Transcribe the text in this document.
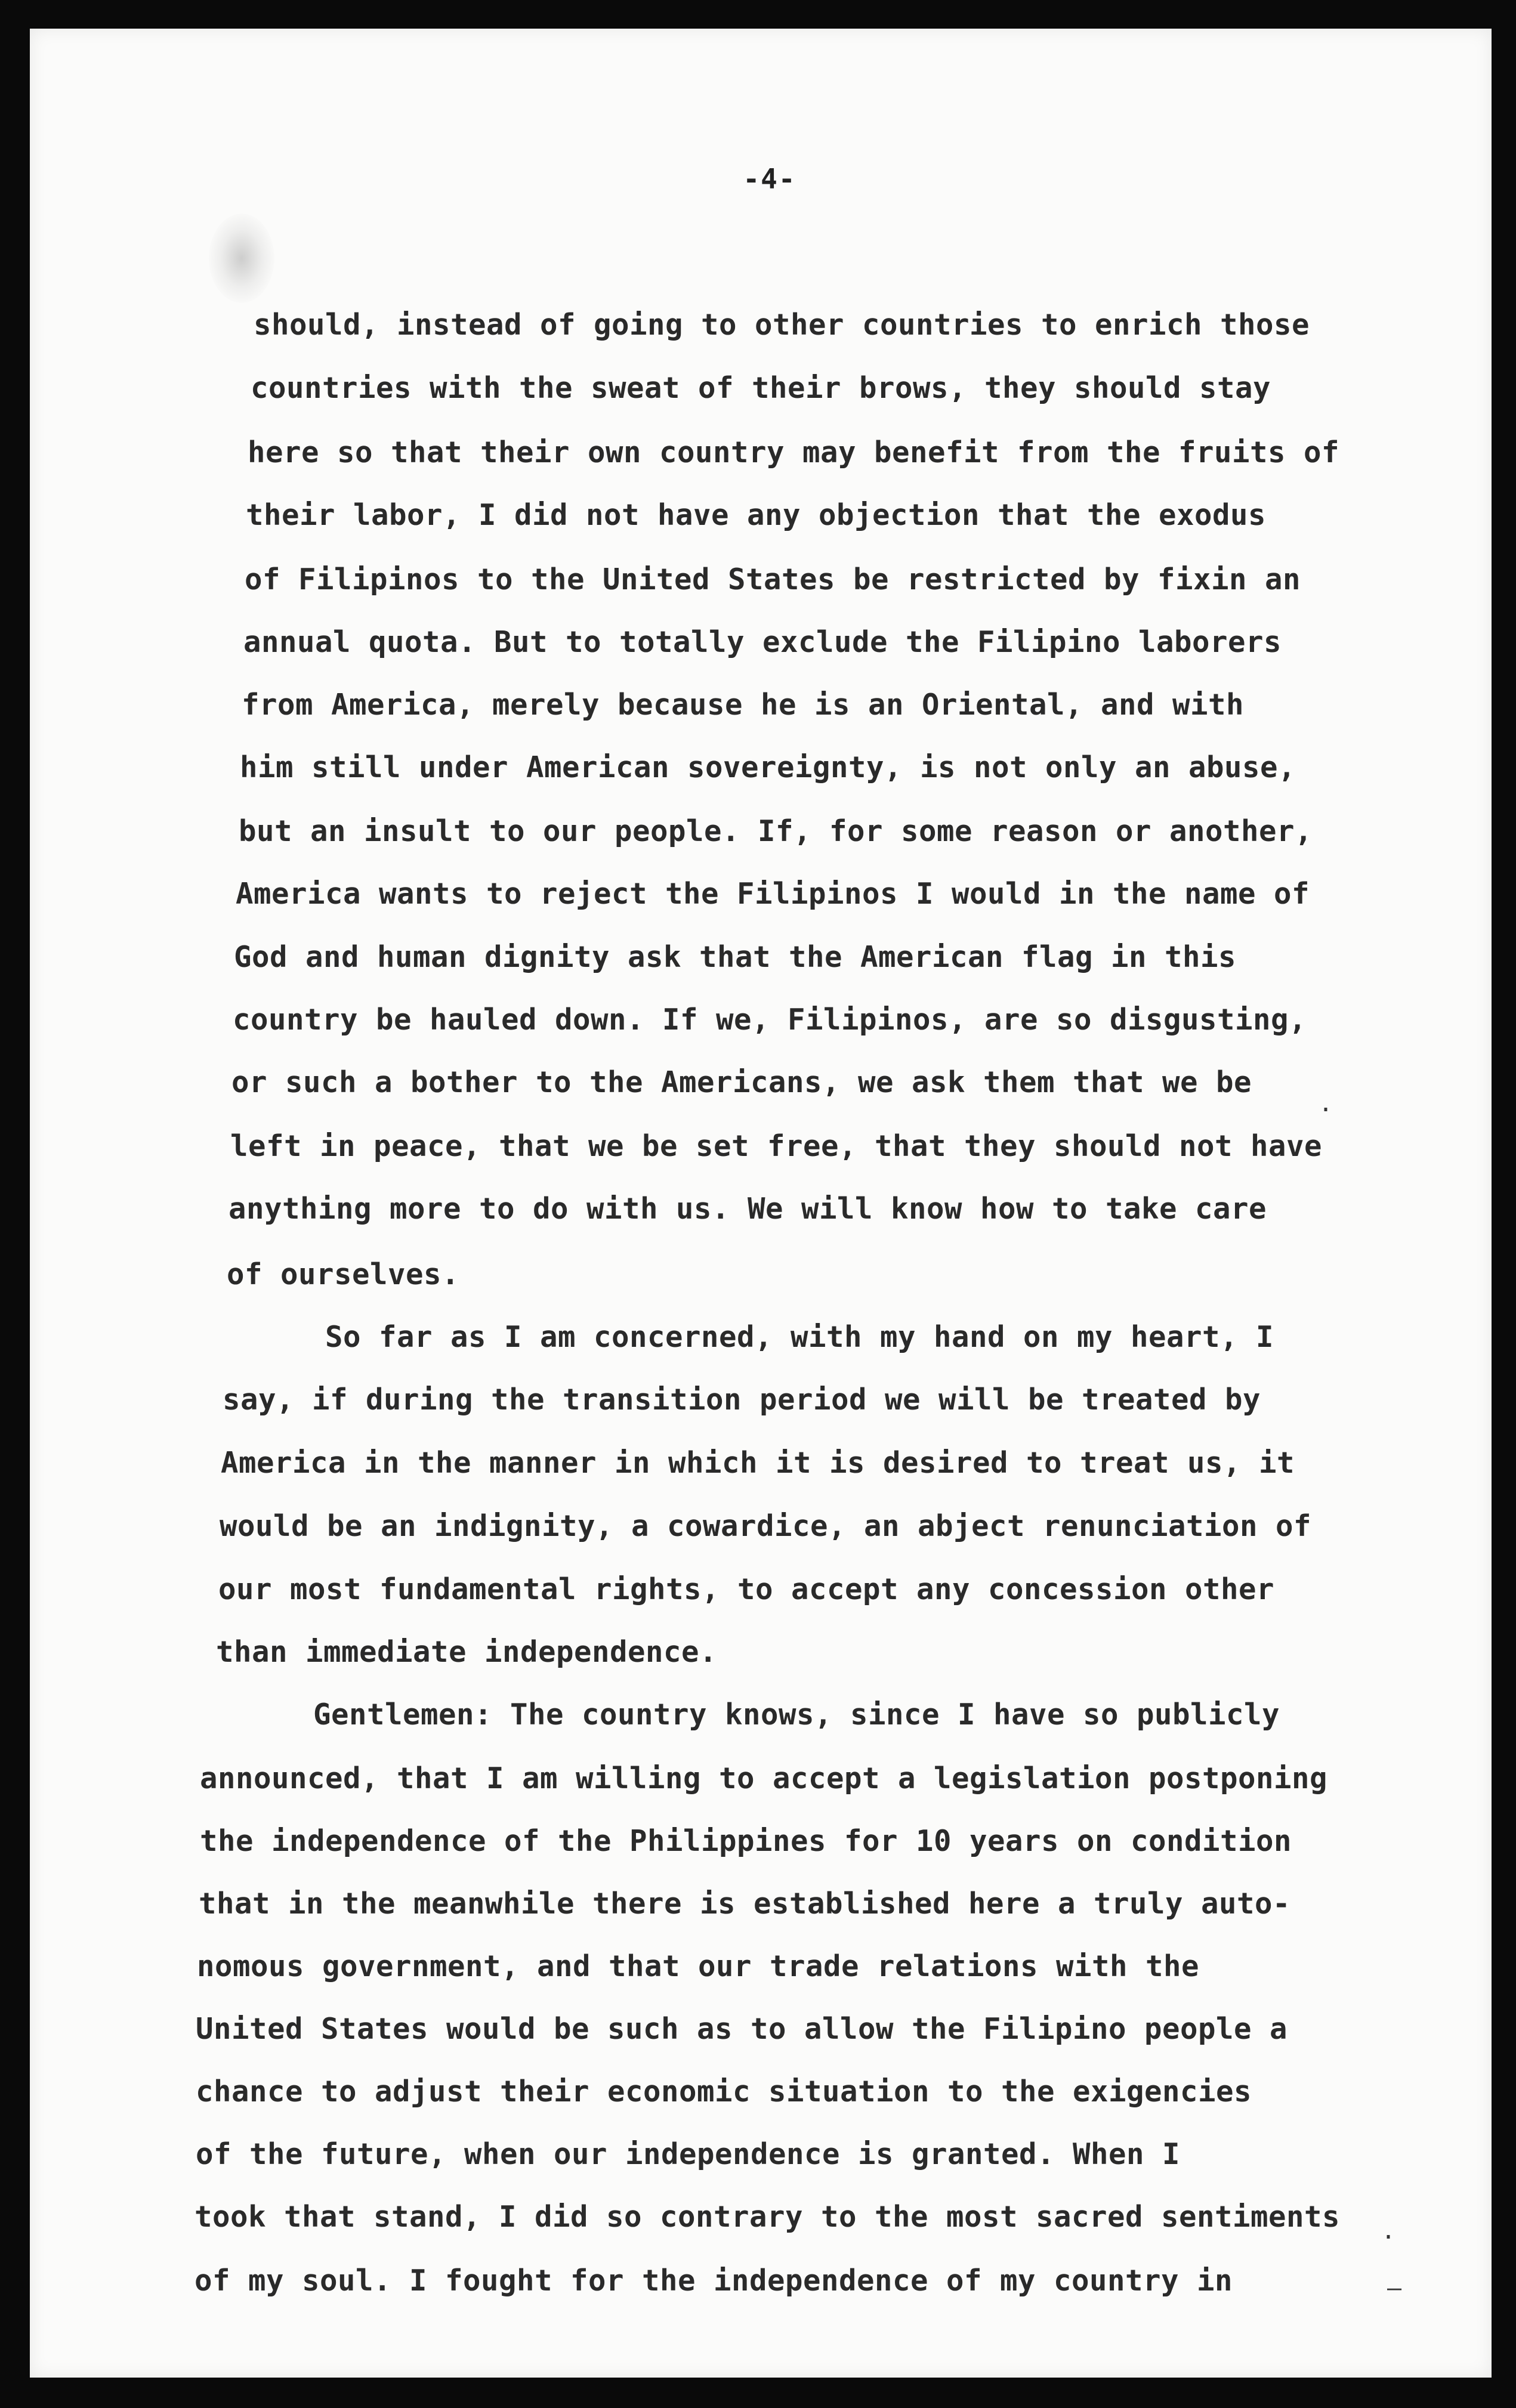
-4-
should, instead of going to other countries to enrich those
countries with the sweat of their brows, they should stay
here so that their own country may benefit from the fruits of
their labor, I did not have any objection that the exodus
of Filipinos to the United States be restricted by fixin an
annual quota. But to totally exclude the Filipino laborers
from America, merely because he is an Oriental, and with
him still under American sovereignty, is not only an abuse,
but an insult to our people. If, for some reason or another,
America wants to reject the Filipinos I would in the name of
God and human dignity ask that the American flag in this
country be hauled down. If we, Filipinos, are so disgusting,
or such a bother to the Americans, we ask them that we be
left in peace, that we be set free, that they should not have
anything more to do with us. We will know how to take care
of ourselves.
So far as I am concerned, with my hand on my heart, I
say, if during the transition period we will be treated by
America in the manner in which it is desired to treat us, it
would be an indignity, a cowardice, an abject renunciation of
our most fundamental rights, to accept any concession other
than immediate independence.
Gentlemen: The country knows, since I have so publicly
announced, that I am willing to accept a legislation postponing
the independence of the Philippines for 10 years on condition
that in the meanwhile there is established here a truly auto-
nomous government, and that our trade relations with the
United States would be such as to allow the Filipino people a
chance to adjust their economic situation to the exigencies
of the future, when our independence is granted. When I
took that stand, I did so contrary to the most sacred sentiments
of my soul. I fought for the independence of my country in
·
·
–
